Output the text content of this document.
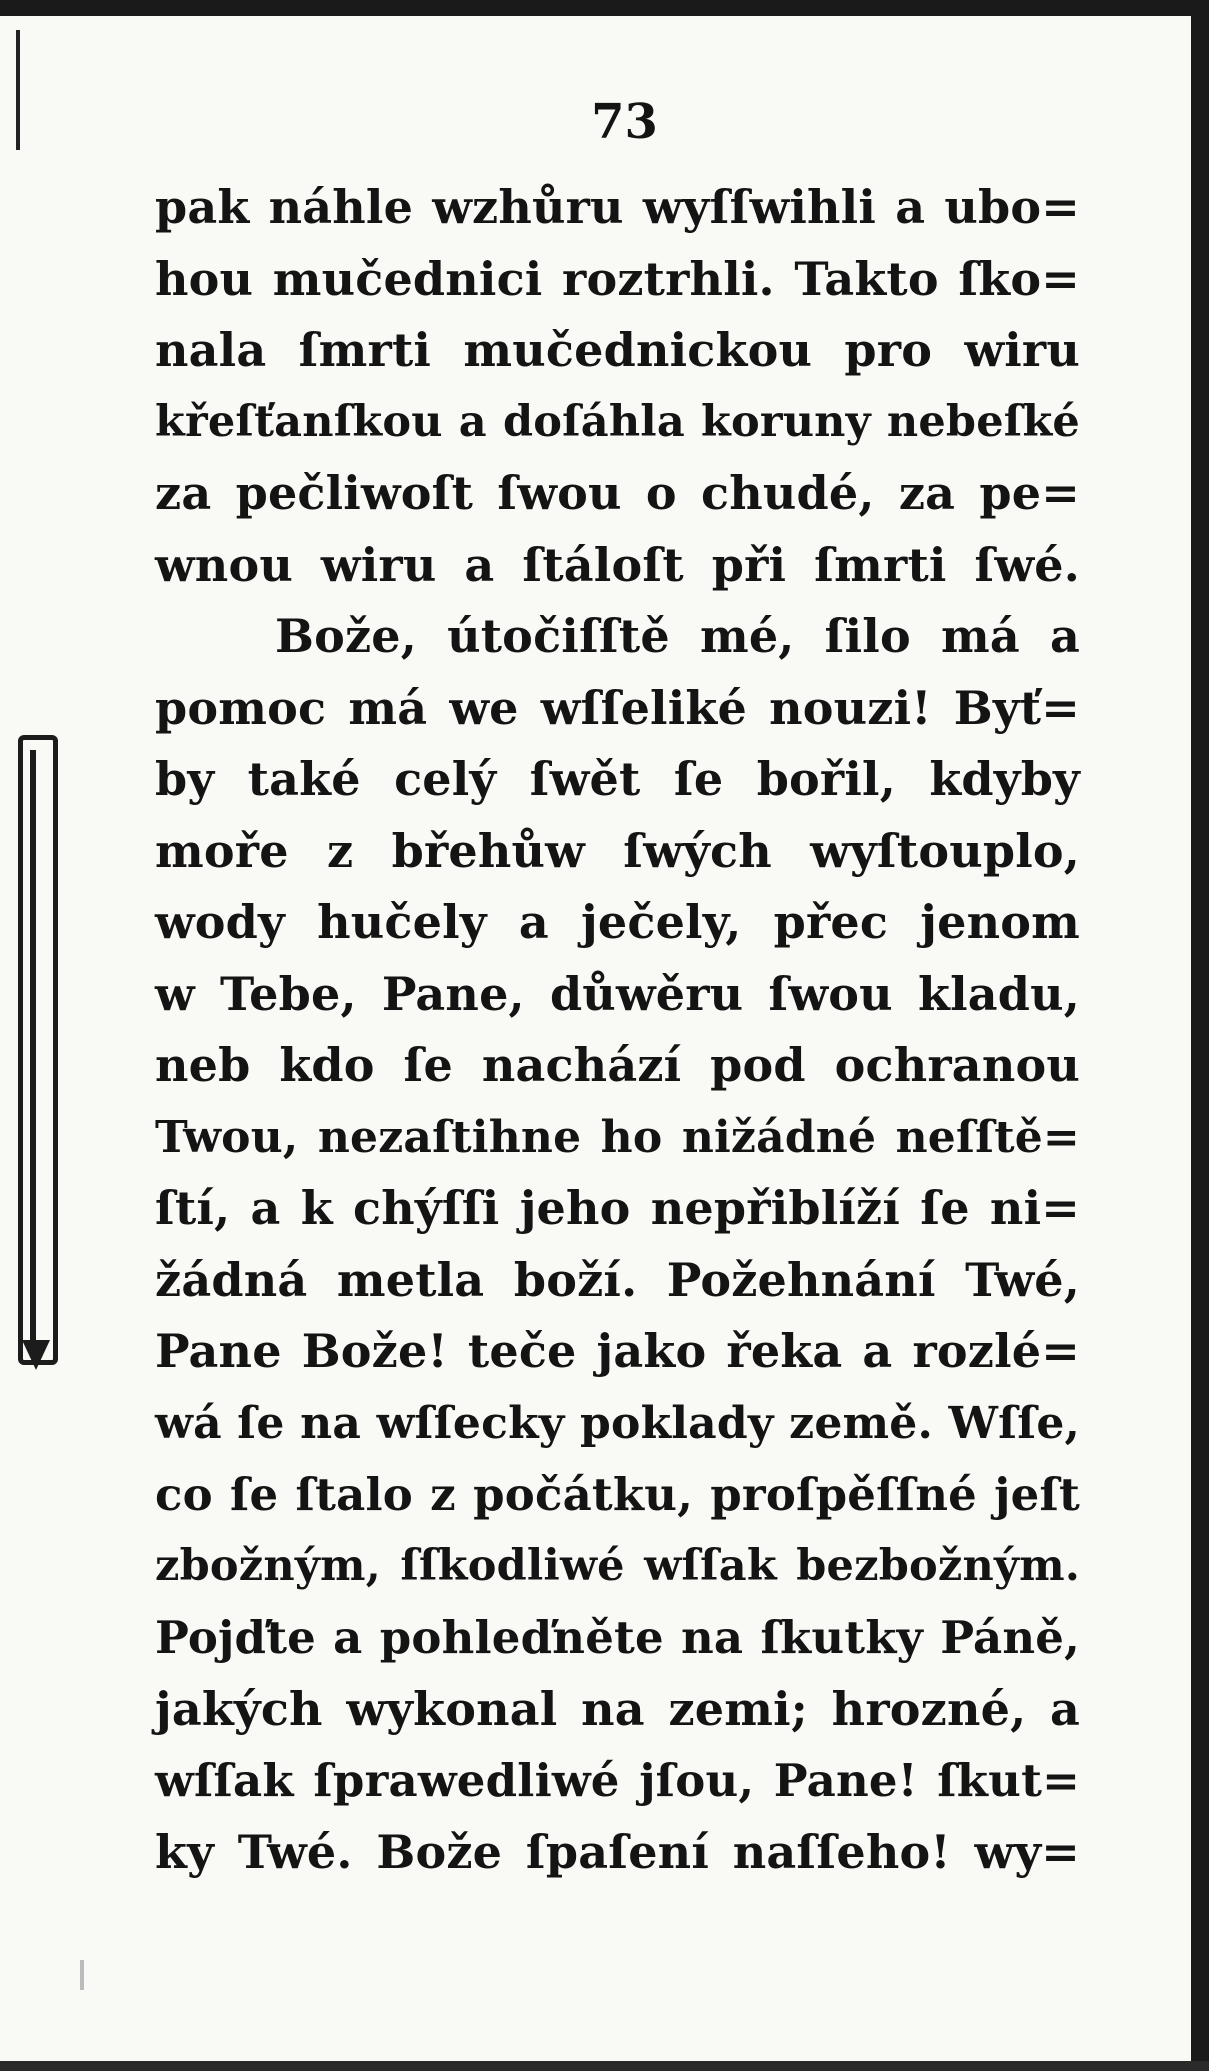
73
pak náhle wzhůru wyſſwihli a ubo=
hou mučednici roztrhli. Takto ſko=
nala ſmrti mučednickou pro wiru
křeſťanſkou a doſáhla koruny nebeſké
za pečliwoſt ſwou o chudé, za pe=
wnou wiru a ſtáloſt při ſmrti ſwé.
Bože, útočiſſtě mé, ſilo má a
pomoc má we wſſeliké nouzi! Byť=
by také celý ſwět ſe bořil, kdyby
moře z břehůw ſwých wyſtouplo,
wody hučely a ječely, přec jenom
w Tebe, Pane, důwěru ſwou kladu,
neb kdo ſe nachází pod ochranou
Twou, nezaſtihne ho nižádné neſſtě=
ſtí, a k chýſſi jeho nepřiblíží ſe ni=
žádná metla boží. Požehnání Twé,
Pane Bože! teče jako řeka a rozlé=
wá ſe na wſſecky poklady země. Wſſe,
co ſe ſtalo z počátku, proſpěſſné jeſt
zbožným, ſſkodliwé wſſak bezbožným.
Pojďte a pohleďněte na ſkutky Páně,
jakých wykonal na zemi; hrozné, a
wſſak ſprawedliwé jſou, Pane! ſkut=
ky Twé. Bože ſpaſení naſſeho! wy=
